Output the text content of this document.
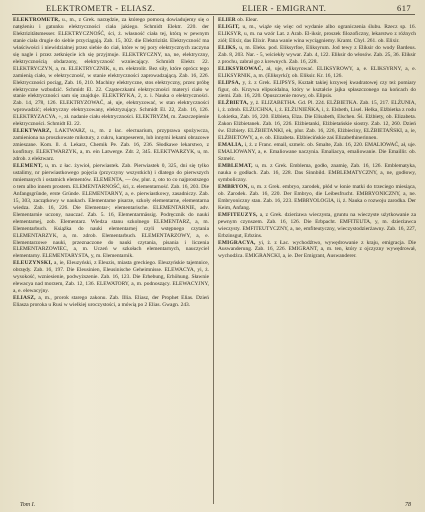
ELEKTROMETR - ELIASZ.	ELIER - EMIGRANT.	617

ELEKTROMETR, u., m., z Grek. narzędzie, za którego pomocą dowiadujemy się o natężeniu i gatunku elektryczności ciała jakiego. Schmidt Elektr. 220. der Elektrizitätsmesser. ELEKTRYCZNOŚĆ, ści, ż. własność ciała tej, którą w pewnym stanie ciała drugie do siebie przyciągają. Zab. 15, 302. die Elektrizität. Elektryczność ma właściwości i niewidzialnej przez siebie do ciał, które w tej pory elektrycznych zaczyna się nagle i przez zetknięcie ich się przyjmuje. ELEKTRYCZNY, na, ne, elektryczny, elektrycznością obdarzony, elektryczność wzniecający. Schmidt Elektr. 22. ELEKTRYCZYN, a, m. ELEKTRYCZNIK, u, m. elektrolit. Bez siły, które oprócz tego zamienią ciało, w elektryczność, w stanie elektryczności zaprowadzającą. Zab. 16, 226. Elektryczności pociąg, Zab. 16, 210. Machiny elektryczne, stos elektryczny, przez próbę elektryczne wzbudzić. Schmidt El. 22. Cząsteczkami elektryczności materyi ciało w stanie elektryczności sam się znajduje. ELEKTRYKA, 2, z. i. Nauka o elektryczności. Zab. 14, 278, 126. ELEKTRYZOWAĆ, ał, uje, elektryzować, w stan elektryczności wprowadzić; elektryczny elektryzowany, elektryzujący. Schmidt El. 22, Zab. 16, 126. ELEKTRYZACYA, ÷, zł. nadanie ciału elektryczności. ELEKTRYZM, m. Zaszczepienie elektryczności. Schmidt El. 22.

ELEKTWARZ, LAKTWARZ, u., m. z łac. electuarium, przyprawa spożywcza, zamieniona na proszkowate mikstury, z cukru, kampeserem, lub innymi lekami obrazowe zmieszane. Kom. ll. 4. Lekarz, Chemik Pe. Zab. 16, 236. Słodkawe lekarstwo, z konfitury. ELEKTWARZYK, a, m. ein Latwerge. Zdr. 2, 345. ELEKTWARZYK, u, m. zdrob. z elektwarz.

ELEMENT, u, m. z łac. żywioł, pierwiastek. Zab. Pierwiastek 0, 325, dni się tylko ustalimy, nr pierwiastkowego pojęcia (przyczyny wszystkich) i dlatego do pierwszych mniemanych i ostatnich elementów. ELEMENTA, — ów, plur. z, oto to co najprostszego o tem albo innem prostem. ELEMENTARNOŚĆ, ści, z. elementarność. Zab. 16, 203. Die Anfangsgründe, erste Gründe. ELEMENTARNY, a, e. pierwiastkowy, zasadniczy. Zab. 15, 303, zaczątkowy w naukach. Elementarne pisarze, szkoły elementarne, elementarna wiedza. Zab. 16, 226. Die Elementar-; elementarische. ELEMENTARNIE, adv. Elementarnie uczony, nauczać. Zab. 5. 16, Elementarmässig. Podręcznik do nauki elementarnej, zob. Elementarz. Wiedza stanu szkolnego ELEMENTARZ, a, m. Elementarbuch. Książka do nauki elementarnej czyli wstępnego czytania ELEMENTARZYK, a, m. zdrob. Elementarbuch. ELEMENTARZOWY, a, e. Elementarzowe nauki, przeznaczone do nauki czytania, pisania i liczenia ELEMENTARZOWIEC, a, m. Uczeń w szkołach elementarnych, nauczyciel elementarny. ELEMENTARYSTA, y, m. Elementarnik.

ELEUZYNSKI, a, ie, Eleuzyński, z Eleuzis, miasta greckiego. Eleuzyńskie tajemnice, obrzędy. Zab. 16, 197. Die Eleusinien, Eleusinische Geheimnisse. ELEWACYA, yi, ż. wysokość, wzniesienie, podwyższenie. Zab. 16, 123. Die Erhebung, Erhöhung. Sławnie elewacya nad morzem, Zab. 12, 136. ELEWATORY, a, m. podnoszący. ELEWACYJNY, a, e. elewacyjny.

ELIASZ, a, m., prorok starego zakonu. Zab. Illia. Eliasz, der Prophet Elias. Dzień Eliasza proroka u Rusi w wielkiej uroczystości, a mówią po 2 Elias. Gwagn. 243.

ELIER ob. Elear.

ELIGIT, u, m., wiąże się więc od wydanie albo ograniczenia ślubu. Rzecz sp. 16. ELIKSYR, u, m. na wzór Lat. z Arab. El-iksir, proszek filozoficzny, lekarstwo z różnych ziół; Elixir, das Elixir. Pana wanie wina wyciągniemy. Kramt. Chyl. 261. ob. Elixir.

ELIKS, u, m. Eleks. pod. Eliksyrfoe, Eliksyrum. Jod tewy z Eliksir do wody Bardeus. Zab. 8, 203. Nar. - 5, wściekły wywar. Zab. 4, 122. Eliksir do włosów. Zab. 25, 36. Eliksir z prochu, zabrał go z krewnych. Zab. 16, 228.

ELIKSYROWAĆ, ał, uje, eliksyrować. ELIKSYROWY, a, e. ELIKSYRNY, a, e. ELIKSYRNIK, a, m. (Eliksyrki); ob. Eliksir. Kr. 16, 126.

ELIPSA, y, ż. z Grek. ELIPSYS, Kształt takiej krzywej kwadratowej czy też pomiary figur, ob. Krzywa elipsoidalna, który w kształcie jajka spłaszczonego na końcach do ziemi. Zab. 16, 220. Opuszczenie mowy, ob. Elipsis.

ELŻBIETA, y, ż. ELIZABETHA. Gd. Pl. 224. ELŻBIETKA. Zab. 15, 217. ELŻUNIA, i, ż. zdrob. ELŻUCHNA, i, ż. ELŻUNIEŃKA, i, ż. Elsbeth, Lisel. Helka, Elżbietka z rodu Łokietka, Zab. 16, 220. Elżbieta, Elza. Die Elisabeth, Elschen. Śś. Elżbiety, ob. Elizabeta. Zakon Elżbietanek. Zab. 16, 226. Elżbietanki, Elżbietańskie siostry. Zab. 12, 260. Dzień św. Elżbiety. ELŻBIETANKI, ek, plur. Zab. 16, 226, Elżbieciny, ELŻBIETAŃSKI, a, ie, ELŻBIETOWY, a, e. ob. Elizabeta. Elżbiecińskie zaś Elizabethinerinnen.

EMALIA, i, ż. z Franc. email, szmelc. ob. Smalte, Zab. 16, 220. EMALIOWAĆ, ał, uje. EMALIOWANY, a, e. Emaliowane naczynia. Emaliacya, emaliowanie. Die Emaillir. ob. Szmelc.

EMBLEMAT, u, m. z Grek. Emblema, godło, znamię, Zab. 16, 126. Emblematyka, nauka o godłach. Zab. 16, 228. Das Sinnbild. EMBLEMATYCZNY, a, ne, godłowy, symboliczny.

EMBRYON, u, m. z Grek. embryo, zarodek, płód w łonie matki do trzeciego miesiąca, ob. Zarodek. Zab. 16, 220. Der Embryo, die Leibesfrucht. EMBRYONICZNY, a, ne. Embryoniczny stan. Zab. 16, 223. EMBRYOLOGIA, ii, ż. Nauka o rozwoju zarodka. Der Keim, Anfang.

EMFITEUZYS, a, z Grek. dzierżawa wieczysta, gruntu na wieczyste użytkowanie za pewnym czynszem. Zab. 16, 126. Die Erbpacht. EMFITEUTA, y, m. dzierżawca wieczysty. EMFITEUTYCZNY, a, ne, emfiteutyczny, wieczystodzierżawny. Zab. 16, 227, Erbzinsgut, Erbzins.

EMIGRACYA, yi, ż. z Łac. wychodźtwo, wywędrowanie z kraju, emigracja. Die Auswanderung. Zab. 16, 226. EMIGRANT, a, m. ten, który z ojczyzny wywędrował, wychodźca. EMIGRANCKI, a, ie. Der Emigrant, Auswanderer.

Tom I.	78
